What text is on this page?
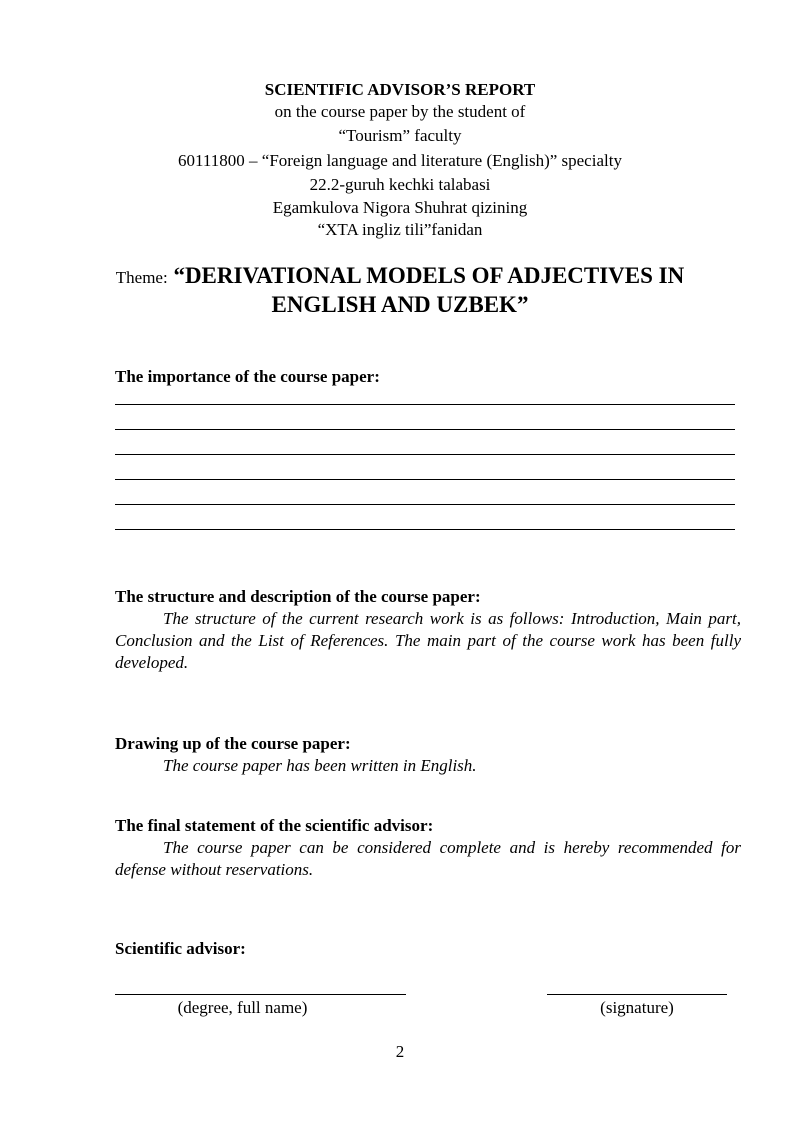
SCIENTIFIC ADVISOR’S REPORT
on the course paper by the student of
“Tourism” faculty
60111800 – “Foreign language and literature (English)” specialty
22.2-guruh kechki talabasi
Egamkulova Nigora Shuhrat qizining
“XTA ingliz tili”fanidan
Theme: “DERIVATIONAL MODELS OF ADJECTIVES IN
ENGLISH AND UZBEK”
The importance of the course paper:
The structure and description of the course paper:
The structure of the current research work is as follows: Introduction, Main part, Conclusion and the List of References. The main part of the course work has been fully developed.
Drawing up of the course paper:
The course paper has been written in English.
The final statement of the scientific advisor:
The course paper can be considered complete and is hereby recommended for defense without reservations.
Scientific advisor:
(degree, full name)	(signature)
2
